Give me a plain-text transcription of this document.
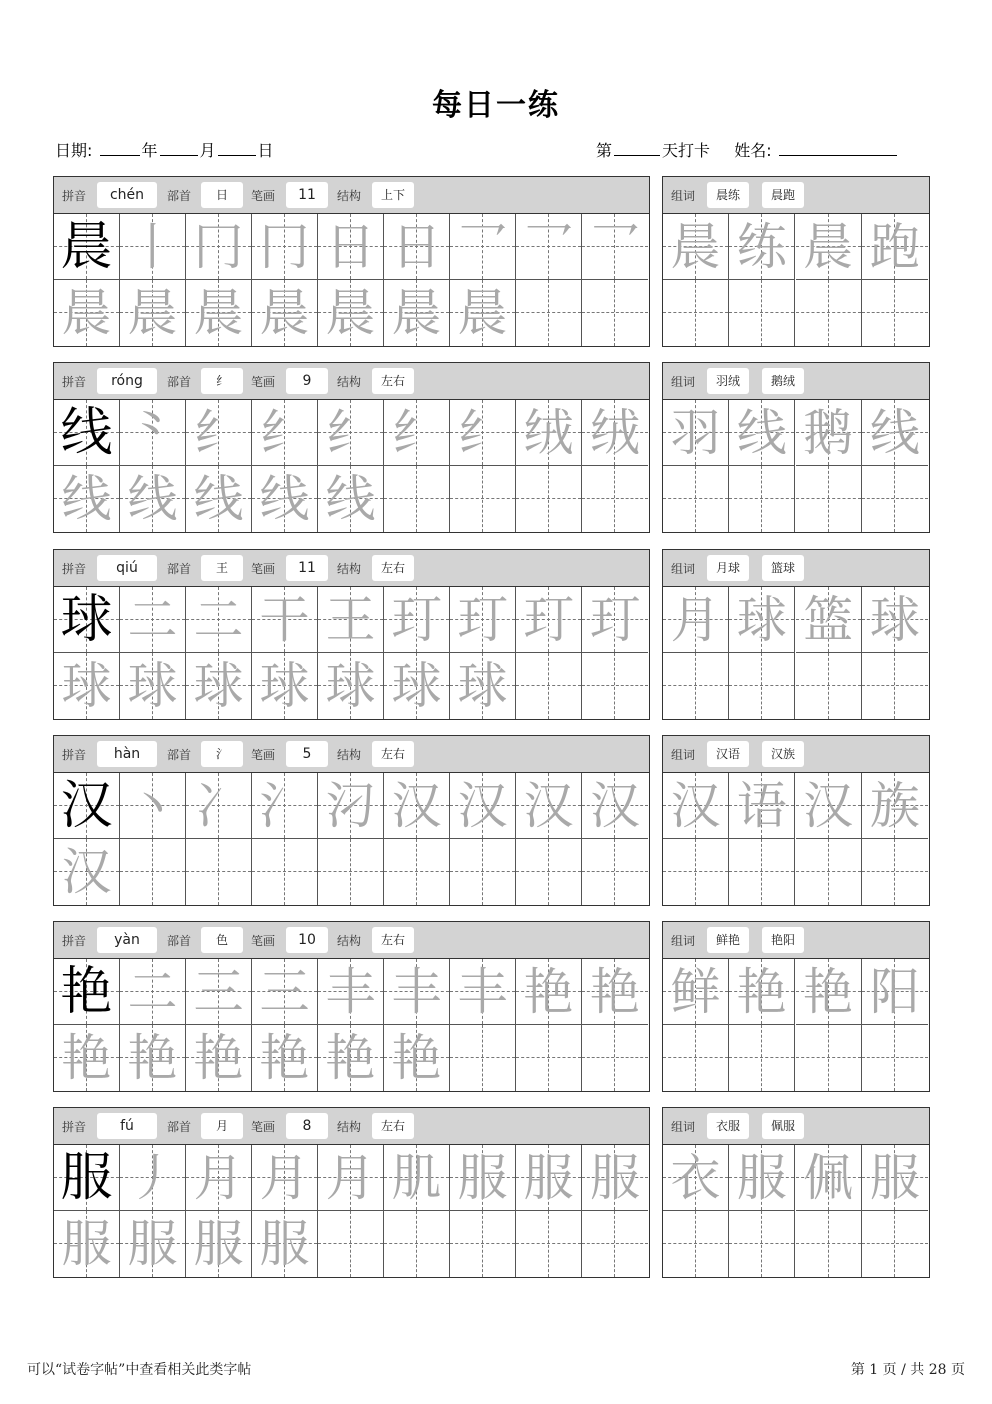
每日一练
日期:	年	月	日	第	天打卡 姓名:
拼音	chén	部首	日	笔画	11	结构	上下
晨 丨 ⼌ ⼌ ⽇ ⽇ ⺂ ⺂ ⺂
晨 晨 晨 晨 晨 晨 晨
组词	晨练	晨跑
晨 练 晨 跑
拼音	róng	部首	纟	笔画	9	结构	左右
线 ⺀ 纟 纟 纟 纟 纟 绒 绒
线 线 线 线 线
组词	羽绒	鹅绒
羽 线 鹅 线
拼音	qiú	部首	王	笔画	11	结构	左右
球 二 二 干 王 玎 玎 玎 玎
球 球 球 球 球 球 球
组词	月球	篮球
月 球 篮 球
拼音	hàn	部首	氵	笔画	5	结构	左右
汉 丶 冫 氵 汈 汉 汉 汉 汉
汉
组词	汉语	汉族
汉 语 汉 族
拼音	yàn	部首	色	笔画	10	结构	左右
艳 二 三 三 丰 丰 丰 艳 艳
艳 艳 艳 艳 艳 艳
组词	鲜艳	艳阳
鲜 艳 艳 阳
拼音	fú	部首	月	笔画	8	结构	左右
服 丿 月 月 月 肌 服 服 服
服 服 服 服
组词	衣服	佩服
衣 服 佩 服
可以“试卷字帖”中查看相关此类字帖	第 1 页 / 共 28 页
